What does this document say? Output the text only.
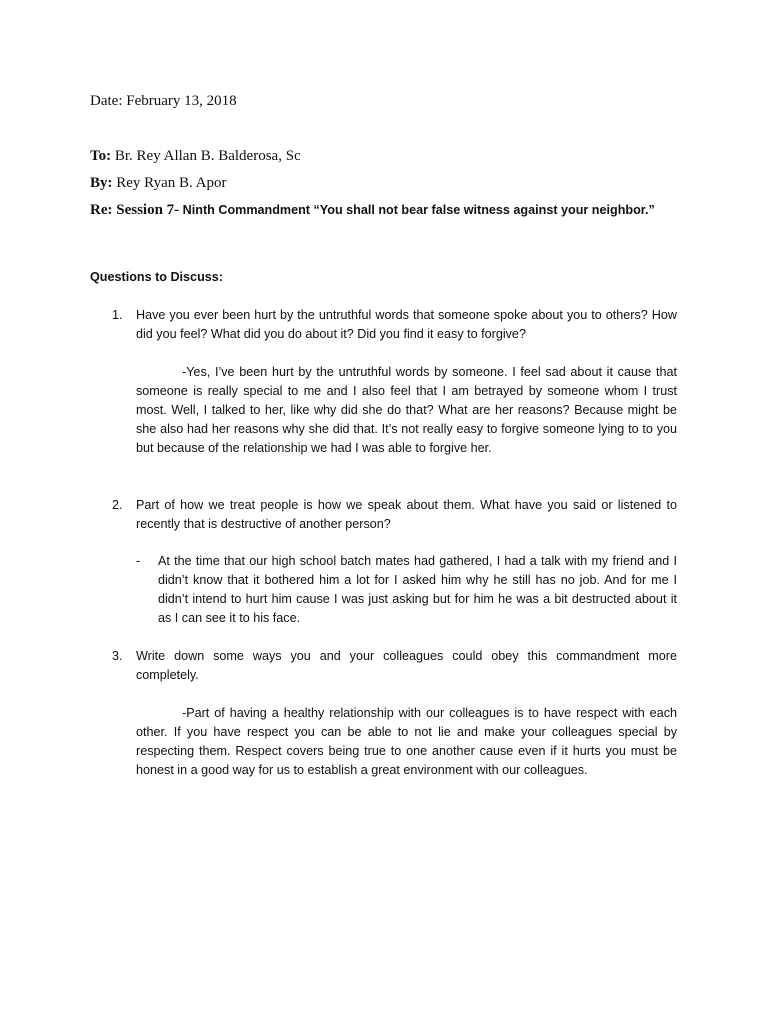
Date: February 13, 2018
To: Br. Rey Allan B. Balderosa, Sc
By: Rey Ryan B. Apor
Re: Session 7- Ninth Commandment “You shall not bear false witness against your neighbor.”
Questions to Discuss:
1. Have you ever been hurt by the untruthful words that someone spoke about you to others? How did you feel? What did you do about it? Did you find it easy to forgive?

-Yes, I’ve been hurt by the untruthful words by someone. I feel sad about it cause that someone is really special to me and I also feel that I am betrayed by someone whom I trust most. Well, I talked to her, like why did she do that? What are her reasons? Because might be she also had her reasons why she did that. It’s not really easy to forgive someone lying to to you but because of the relationship we had I was able to forgive her.

2. Part of how we treat people is how we speak about them. What have you said or listened to recently that is destructive of another person?

- At the time that our high school batch mates had gathered, I had a talk with my friend and I didn’t know that it bothered him a lot for I asked him why he still has no job. And for me I didn’t intend to hurt him cause I was just asking but for him he was a bit destructed about it as I can see it to his face.

3. Write down some ways you and your colleagues could obey this commandment more completely.

-Part of having a healthy relationship with our colleagues is to have respect with each other. If you have respect you can be able to not lie and make your colleagues special by respecting them. Respect covers being true to one another cause even if it hurts you must be honest in a good way for us to establish a great environment with our colleagues.
